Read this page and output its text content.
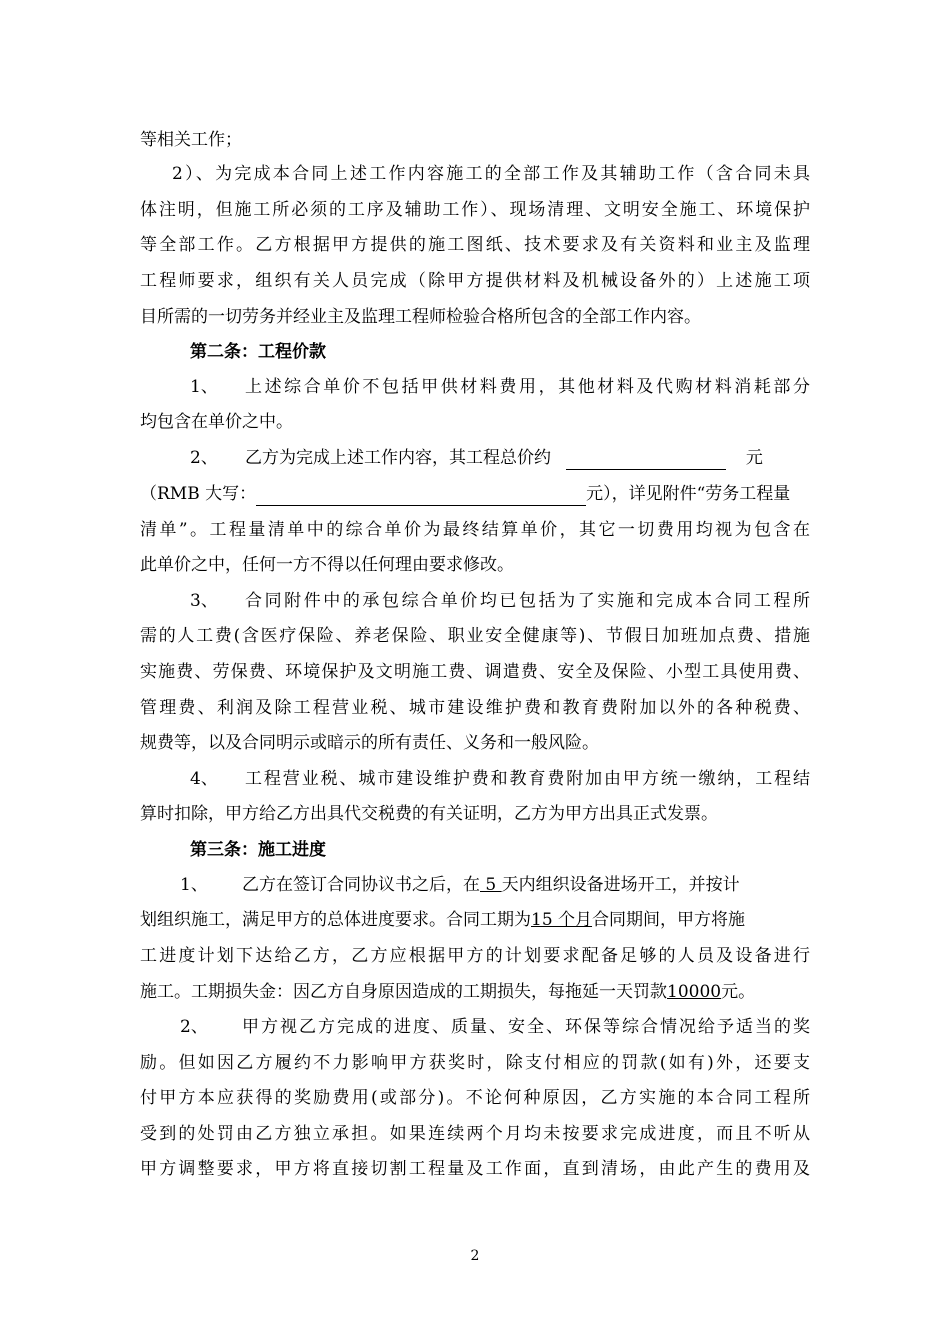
等相关工作；
2）、为完成本合同上述工作内容施工的全部工作及其辅助工作（含合同未具
体注明，但施工所必须的工序及辅助工作）、现场清理、文明安全施工、环境保护
等全部工作。乙方根据甲方提供的施工图纸、技术要求及有关资料和业主及监理
工程师要求，组织有关人员完成（除甲方提供材料及机械设备外的）上述施工项
目所需的一切劳务并经业主及监理工程师检验合格所包含的全部工作内容。
第二条：工程价款
1、	上述综合单价不包括甲供材料费用，其他材料及代购材料消耗部分
均包含在单价之中。
2、 乙方为完成上述工作内容，其工程总价约	元
（RMB 大写：	元），详见附件“劳务工程量
清单”。工程量清单中的综合单价为最终结算单价，其它一切费用均视为包含在
此单价之中，任何一方不得以任何理由要求修改。
3、	合同附件中的承包综合单价均已包括为了实施和完成本合同工程所
需的人工费(含医疗保险、养老保险、职业安全健康等)、节假日加班加点费、措施
实施费、劳保费、环境保护及文明施工费、调遣费、安全及保险、小型工具使用费、
管理费、利润及除工程营业税、城市建设维护费和教育费附加以外的各种税费、
规费等，以及合同明示或暗示的所有责任、义务和一般风险。
4、	工程营业税、城市建设维护费和教育费附加由甲方统一缴纳，工程结
算时扣除，甲方给乙方出具代交税费的有关证明，乙方为甲方出具正式发票。
第三条：施工进度
1、 乙方在签订合同协议书之后，在 5 天内组织设备进场开工，并按计
划组织施工，满足甲方的总体进度要求。合同工期为15 个月合同期间，甲方将施
工进度计划下达给乙方，乙方应根据甲方的计划要求配备足够的人员及设备进行
施工。工期损失金：因乙方自身原因造成的工期损失，每拖延一天罚款10000元。
2、	甲方视乙方完成的进度、质量、安全、环保等综合情况给予适当的奖
励。但如因乙方履约不力影响甲方获奖时，除支付相应的罚款(如有)外，还要支
付甲方本应获得的奖励费用(或部分)。不论何种原因，乙方实施的本合同工程所
受到的处罚由乙方独立承担。如果连续两个月均未按要求完成进度，而且不听从
甲方调整要求，甲方将直接切割工程量及工作面，直到清场，由此产生的费用及
2
